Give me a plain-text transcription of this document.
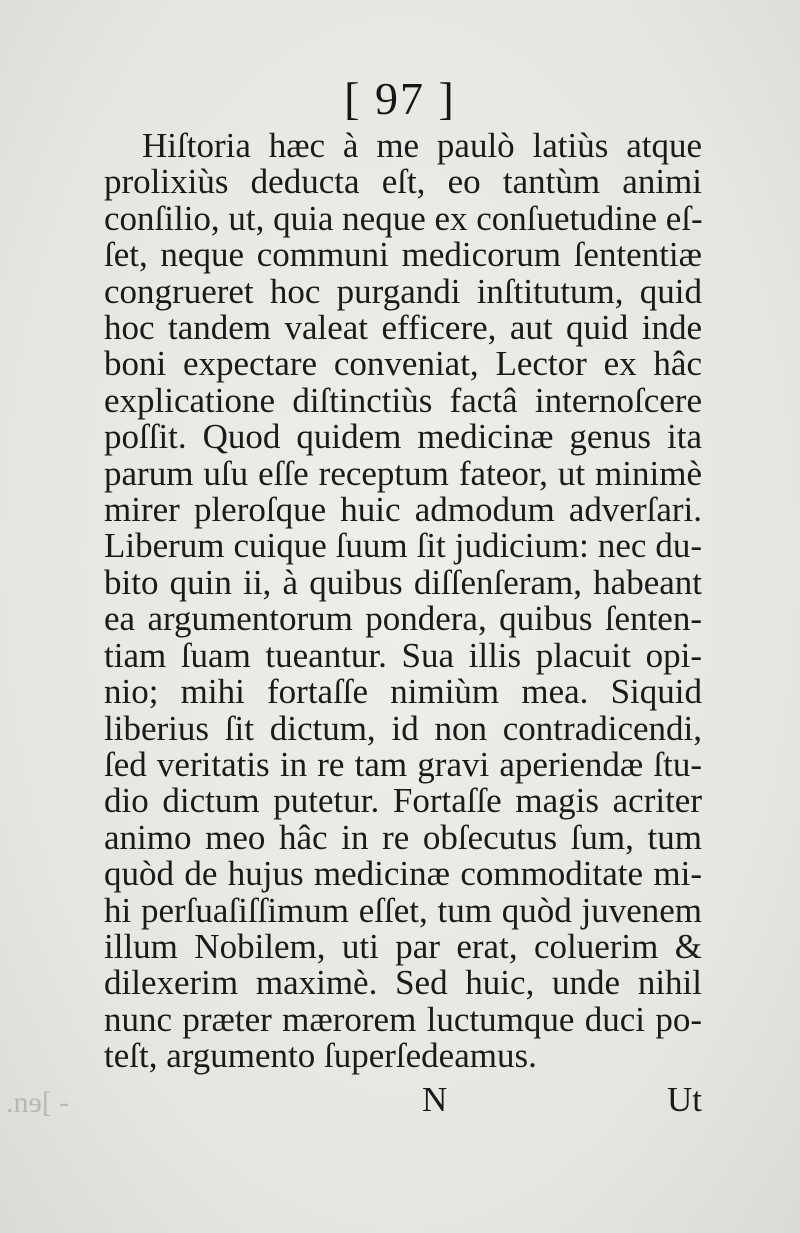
[ 97 ]
Hiſtoria hæc à me paulò latiùs atque
prolixiùs deducta eſt, eo tantùm animi
conſilio, ut, quia neque ex conſuetudine eſ-
ſet, neque communi medicorum ſententiæ
congrueret hoc purgandi inſtitutum, quid
hoc tandem valeat efficere, aut quid inde
boni expectare conveniat, Lector ex hâc
explicatione diſtinctiùs factâ internoſcere
poſſit. Quod quidem medicinæ genus ita
parum uſu eſſe receptum fateor, ut minimè
mirer pleroſque huic admodum adverſari.
Liberum cuique ſuum ſit judicium: nec du-
bito quin ii, à quibus diſſenſeram, habeant
ea argumentorum pondera, quibus ſenten-
tiam ſuam tueantur. Sua illis placuit opi-
nio; mihi fortaſſe nimiùm mea. Siquid
liberius ſit dictum, id non contradicendi,
ſed veritatis in re tam gravi aperiendæ ſtu-
dio dictum putetur. Fortaſſe magis acriter
animo meo hâc in re obſecutus ſum, tum
quòd de hujus medicinæ commoditate mi-
hi perſuaſiſſimum eſſet, tum quòd juvenem
illum Nobilem, uti par erat, coluerim &
dilexerim maximè. Sed huic, unde nihil
nunc præter mærorem luctumque duci po-
teſt, argumento ſuperſedeamus.
.nɘ[ -	N	Ut
